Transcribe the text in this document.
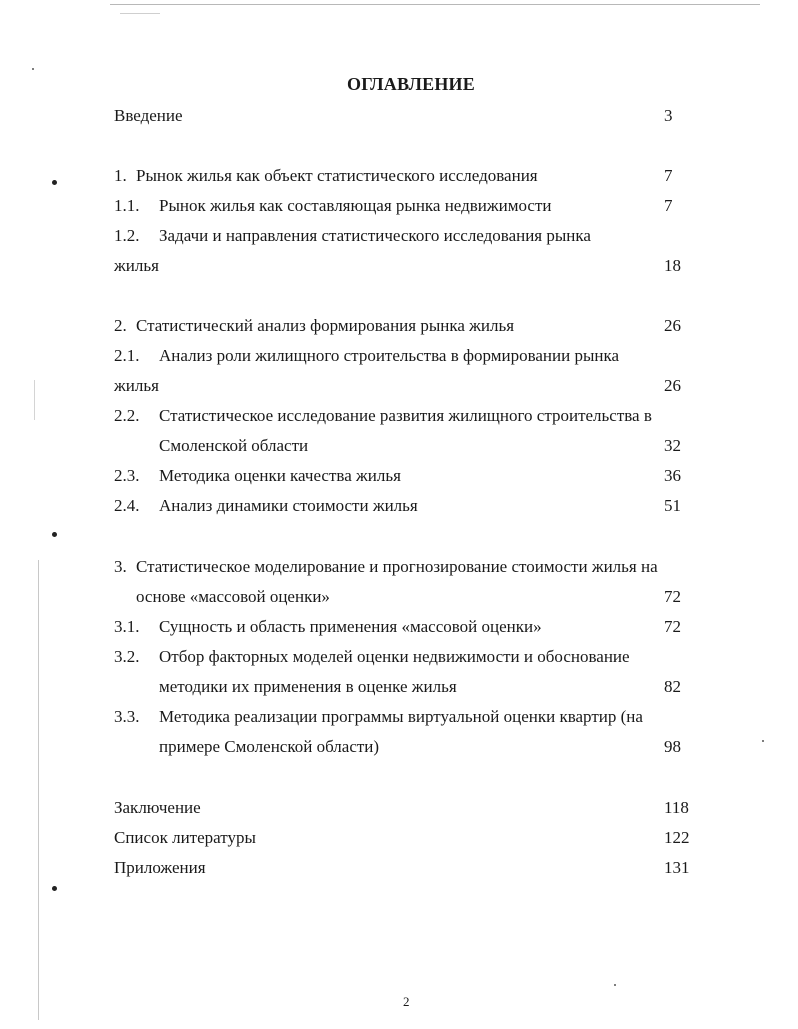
ОГЛАВЛЕНИЕ
Введение	3
1. Рынок жилья как объект статистического исследования	7
1.1. Рынок жилья как составляющая рынка недвижимости	7
1.2. Задачи и направления статистического исследования рынка
жилья	18
2. Статистический анализ формирования рынка жилья	26
2.1. Анализ роли жилищного строительства в формировании рынка
жилья	26
2.2. Статистическое исследование развития жилищного строительства в
Смоленской области	32
2.3. Методика оценки качества жилья	36
2.4. Анализ динамики стоимости жилья	51
3. Статистическое моделирование и прогнозирование стоимости жилья на
основе «массовой оценки»	72
3.1. Сущность и область применения «массовой оценки»	72
3.2. Отбор факторных моделей оценки недвижимости и обоснование
методики их применения в оценке жилья	82
3.3. Методика реализации программы виртуальной оценки квартир (на
примере Смоленской области)	98
Заключение	118
Список литературы	122
Приложения	131
2
